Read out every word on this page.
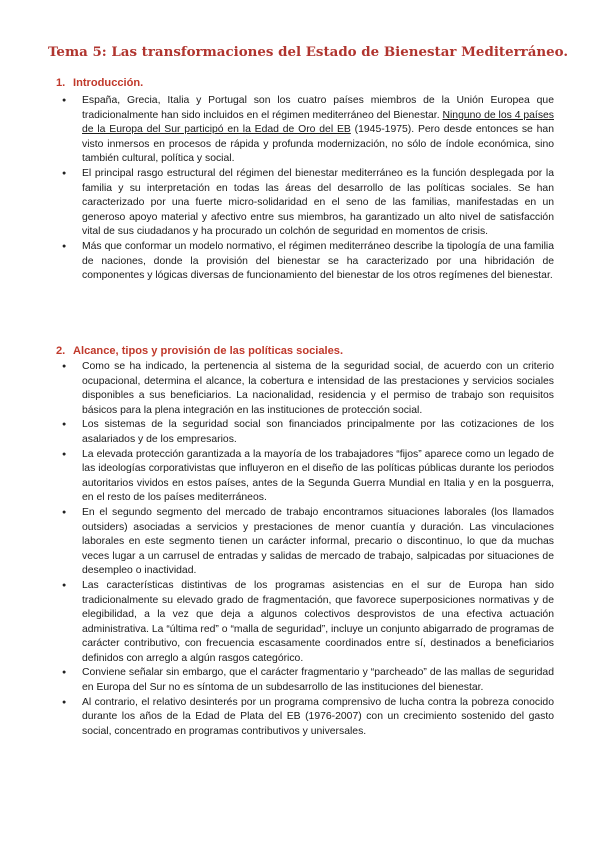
Tema 5: Las transformaciones del Estado de Bienestar Mediterráneo.
1. Introducción.
● España, Grecia, Italia y Portugal son los cuatro países miembros de la Unión Europea que tradicionalmente han sido incluidos en el régimen mediterráneo del Bienestar. Ninguno de los 4 países de la Europa del Sur participó en la Edad de Oro del EB (1945-1975). Pero desde entonces se han visto inmersos en procesos de rápida y profunda modernización, no sólo de índole económica, sino también cultural, política y social.
● El principal rasgo estructural del régimen del bienestar mediterráneo es la función desplegada por la familia y su interpretación en todas las áreas del desarrollo de las políticas sociales. Se han caracterizado por una fuerte micro-solidaridad en el seno de las familias, manifestadas en un generoso apoyo material y afectivo entre sus miembros, ha garantizado un alto nivel de satisfacción vital de sus ciudadanos y ha procurado un colchón de seguridad en momentos de crisis.
● Más que conformar un modelo normativo, el régimen mediterráneo describe la tipología de una familia de naciones, donde la provisión del bienestar se ha caracterizado por una hibridación de componentes y lógicas diversas de funcionamiento del bienestar de los otros regímenes del bienestar.
2. Alcance, tipos y provisión de las políticas sociales.
● Como se ha indicado, la pertenencia al sistema de la seguridad social, de acuerdo con un criterio ocupacional, determina el alcance, la cobertura e intensidad de las prestaciones y servicios sociales disponibles a sus beneficiarios. La nacionalidad, residencia y el permiso de trabajo son requisitos básicos para la plena integración en las instituciones de protección social.
● Los sistemas de la seguridad social son financiados principalmente por las cotizaciones de los asalariados y de los empresarios.
● La elevada protección garantizada a la mayoría de los trabajadores “fijos” aparece como un legado de las ideologías corporativistas que influyeron en el diseño de las políticas públicas durante los periodos autoritarios vividos en estos países, antes de la Segunda Guerra Mundial en Italia y en la posguerra, en el resto de los países mediterráneos.
● En el segundo segmento del mercado de trabajo encontramos situaciones laborales (los llamados outsiders) asociadas a servicios y prestaciones de menor cuantía y duración. Las vinculaciones laborales en este segmento tienen un carácter informal, precario o discontinuo, lo que da muchas veces lugar a un carrusel de entradas y salidas de mercado de trabajo, salpicadas por situaciones de desempleo o inactividad.
● Las características distintivas de los programas asistencias en el sur de Europa han sido tradicionalmente su elevado grado de fragmentación, que favorece superposiciones normativas y de elegibilidad, a la vez que deja a algunos colectivos desprovistos de una efectiva actuación administrativa. La “última red” o “malla de seguridad”, incluye un conjunto abigarrado de programas de carácter contributivo, con frecuencia escasamente coordinados entre sí, destinados a beneficiarios definidos con arreglo a algún rasgos categórico.
● Conviene señalar sin embargo, que el carácter fragmentario y “parcheado” de las mallas de seguridad en Europa del Sur no es síntoma de un subdesarrollo de las instituciones del bienestar.
● Al contrario, el relativo desinterés por un programa comprensivo de lucha contra la pobreza conocido durante los años de la Edad de Plata del EB (1976-2007) con un crecimiento sostenido del gasto social, concentrado en programas contributivos y universales.
